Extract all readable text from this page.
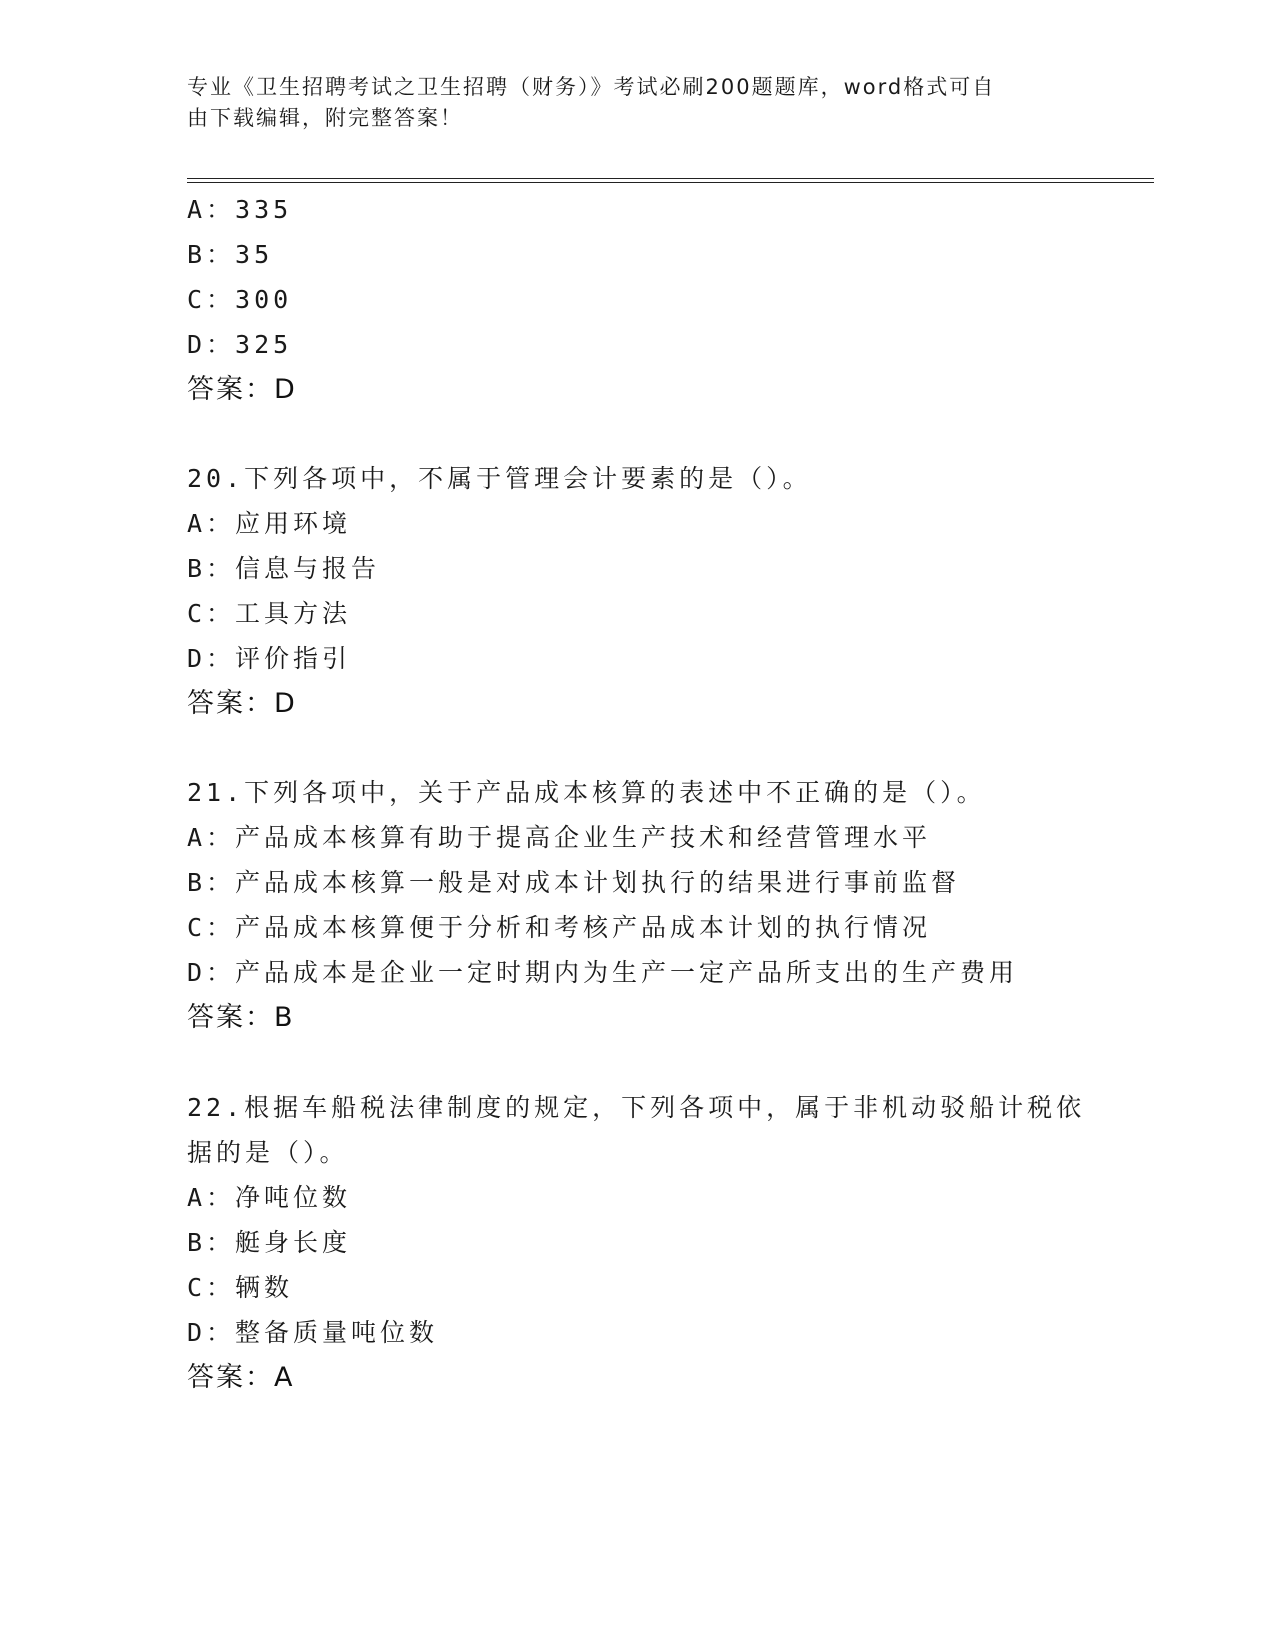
专业《卫生招聘考试之卫生招聘（财务）》考试必刷200题题库，word格式可自
由下载编辑，附完整答案！
A：335
B：35
C：300
D：325
答案：D
20.下列各项中，不属于管理会计要素的是（）。
A：应用环境
B：信息与报告
C：工具方法
D：评价指引
答案：D
21.下列各项中，关于产品成本核算的表述中不正确的是（）。
A：产品成本核算有助于提高企业生产技术和经营管理水平
B：产品成本核算一般是对成本计划执行的结果进行事前监督
C：产品成本核算便于分析和考核产品成本计划的执行情况
D：产品成本是企业一定时期内为生产一定产品所支出的生产费用
答案：B
22.根据车船税法律制度的规定，下列各项中，属于非机动驳船计税依
据的是（）。
A：净吨位数
B：艇身长度
C：辆数
D：整备质量吨位数
答案：A
